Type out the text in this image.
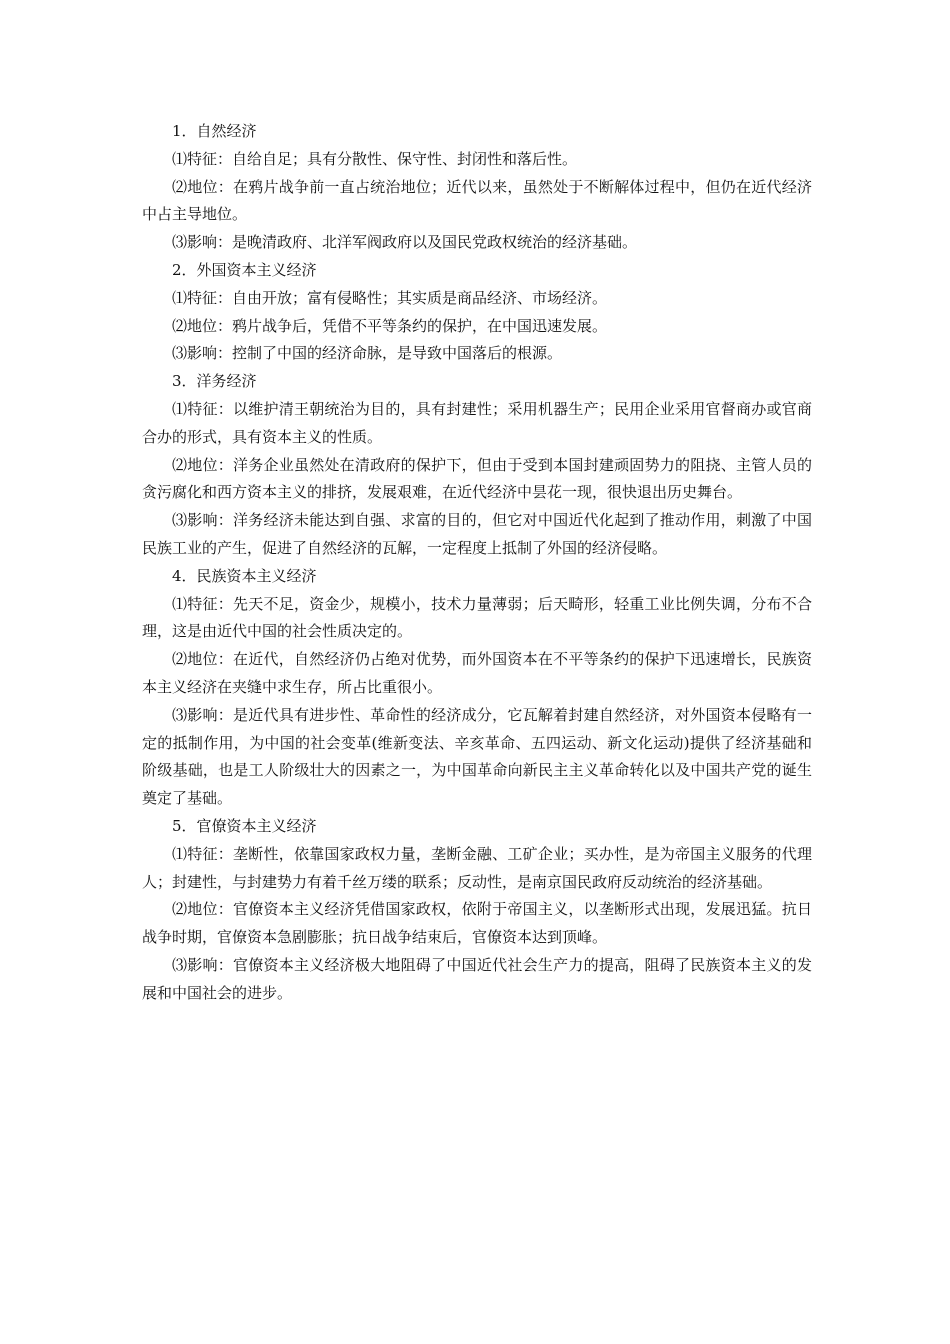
1．自然经济

⑴特征：自给自足；具有分散性、保守性、封闭性和落后性。

⑵地位：在鸦片战争前一直占统治地位；近代以来，虽然处于不断解体过程中，但仍在近代经济中占主导地位。

⑶影响：是晚清政府、北洋军阀政府以及国民党政权统治的经济基础。

2．外国资本主义经济

⑴特征：自由开放；富有侵略性；其实质是商品经济、市场经济。

⑵地位：鸦片战争后，凭借不平等条约的保护，在中国迅速发展。

⑶影响：控制了中国的经济命脉，是导致中国落后的根源。

3．洋务经济

⑴特征：以维护清王朝统治为目的，具有封建性；采用机器生产；民用企业采用官督商办或官商合办的形式，具有资本主义的性质。

⑵地位：洋务企业虽然处在清政府的保护下，但由于受到本国封建顽固势力的阻挠、主管人员的贪污腐化和西方资本主义的排挤，发展艰难，在近代经济中昙花一现，很快退出历史舞台。

⑶影响：洋务经济未能达到自强、求富的目的，但它对中国近代化起到了推动作用，刺激了中国民族工业的产生，促进了自然经济的瓦解，一定程度上抵制了外国的经济侵略。

4．民族资本主义经济

⑴特征：先天不足，资金少，规模小，技术力量薄弱；后天畸形，轻重工业比例失调，分布不合理，这是由近代中国的社会性质决定的。

⑵地位：在近代，自然经济仍占绝对优势，而外国资本在不平等条约的保护下迅速增长，民族资本主义经济在夹缝中求生存，所占比重很小。

⑶影响：是近代具有进步性、革命性的经济成分，它瓦解着封建自然经济，对外国资本侵略有一定的抵制作用，为中国的社会变革(维新变法、辛亥革命、五四运动、新文化运动)提供了经济基础和阶级基础，也是工人阶级壮大的因素之一，为中国革命向新民主主义革命转化以及中国共产党的诞生奠定了基础。

5．官僚资本主义经济

⑴特征：垄断性，依靠国家政权力量，垄断金融、工矿企业；买办性，是为帝国主义服务的代理人；封建性，与封建势力有着千丝万缕的联系；反动性，是南京国民政府反动统治的经济基础。

⑵地位：官僚资本主义经济凭借国家政权，依附于帝国主义，以垄断形式出现，发展迅猛。抗日战争时期，官僚资本急剧膨胀；抗日战争结束后，官僚资本达到顶峰。

⑶影响：官僚资本主义经济极大地阻碍了中国近代社会生产力的提高，阻碍了民族资本主义的发展和中国社会的进步。
